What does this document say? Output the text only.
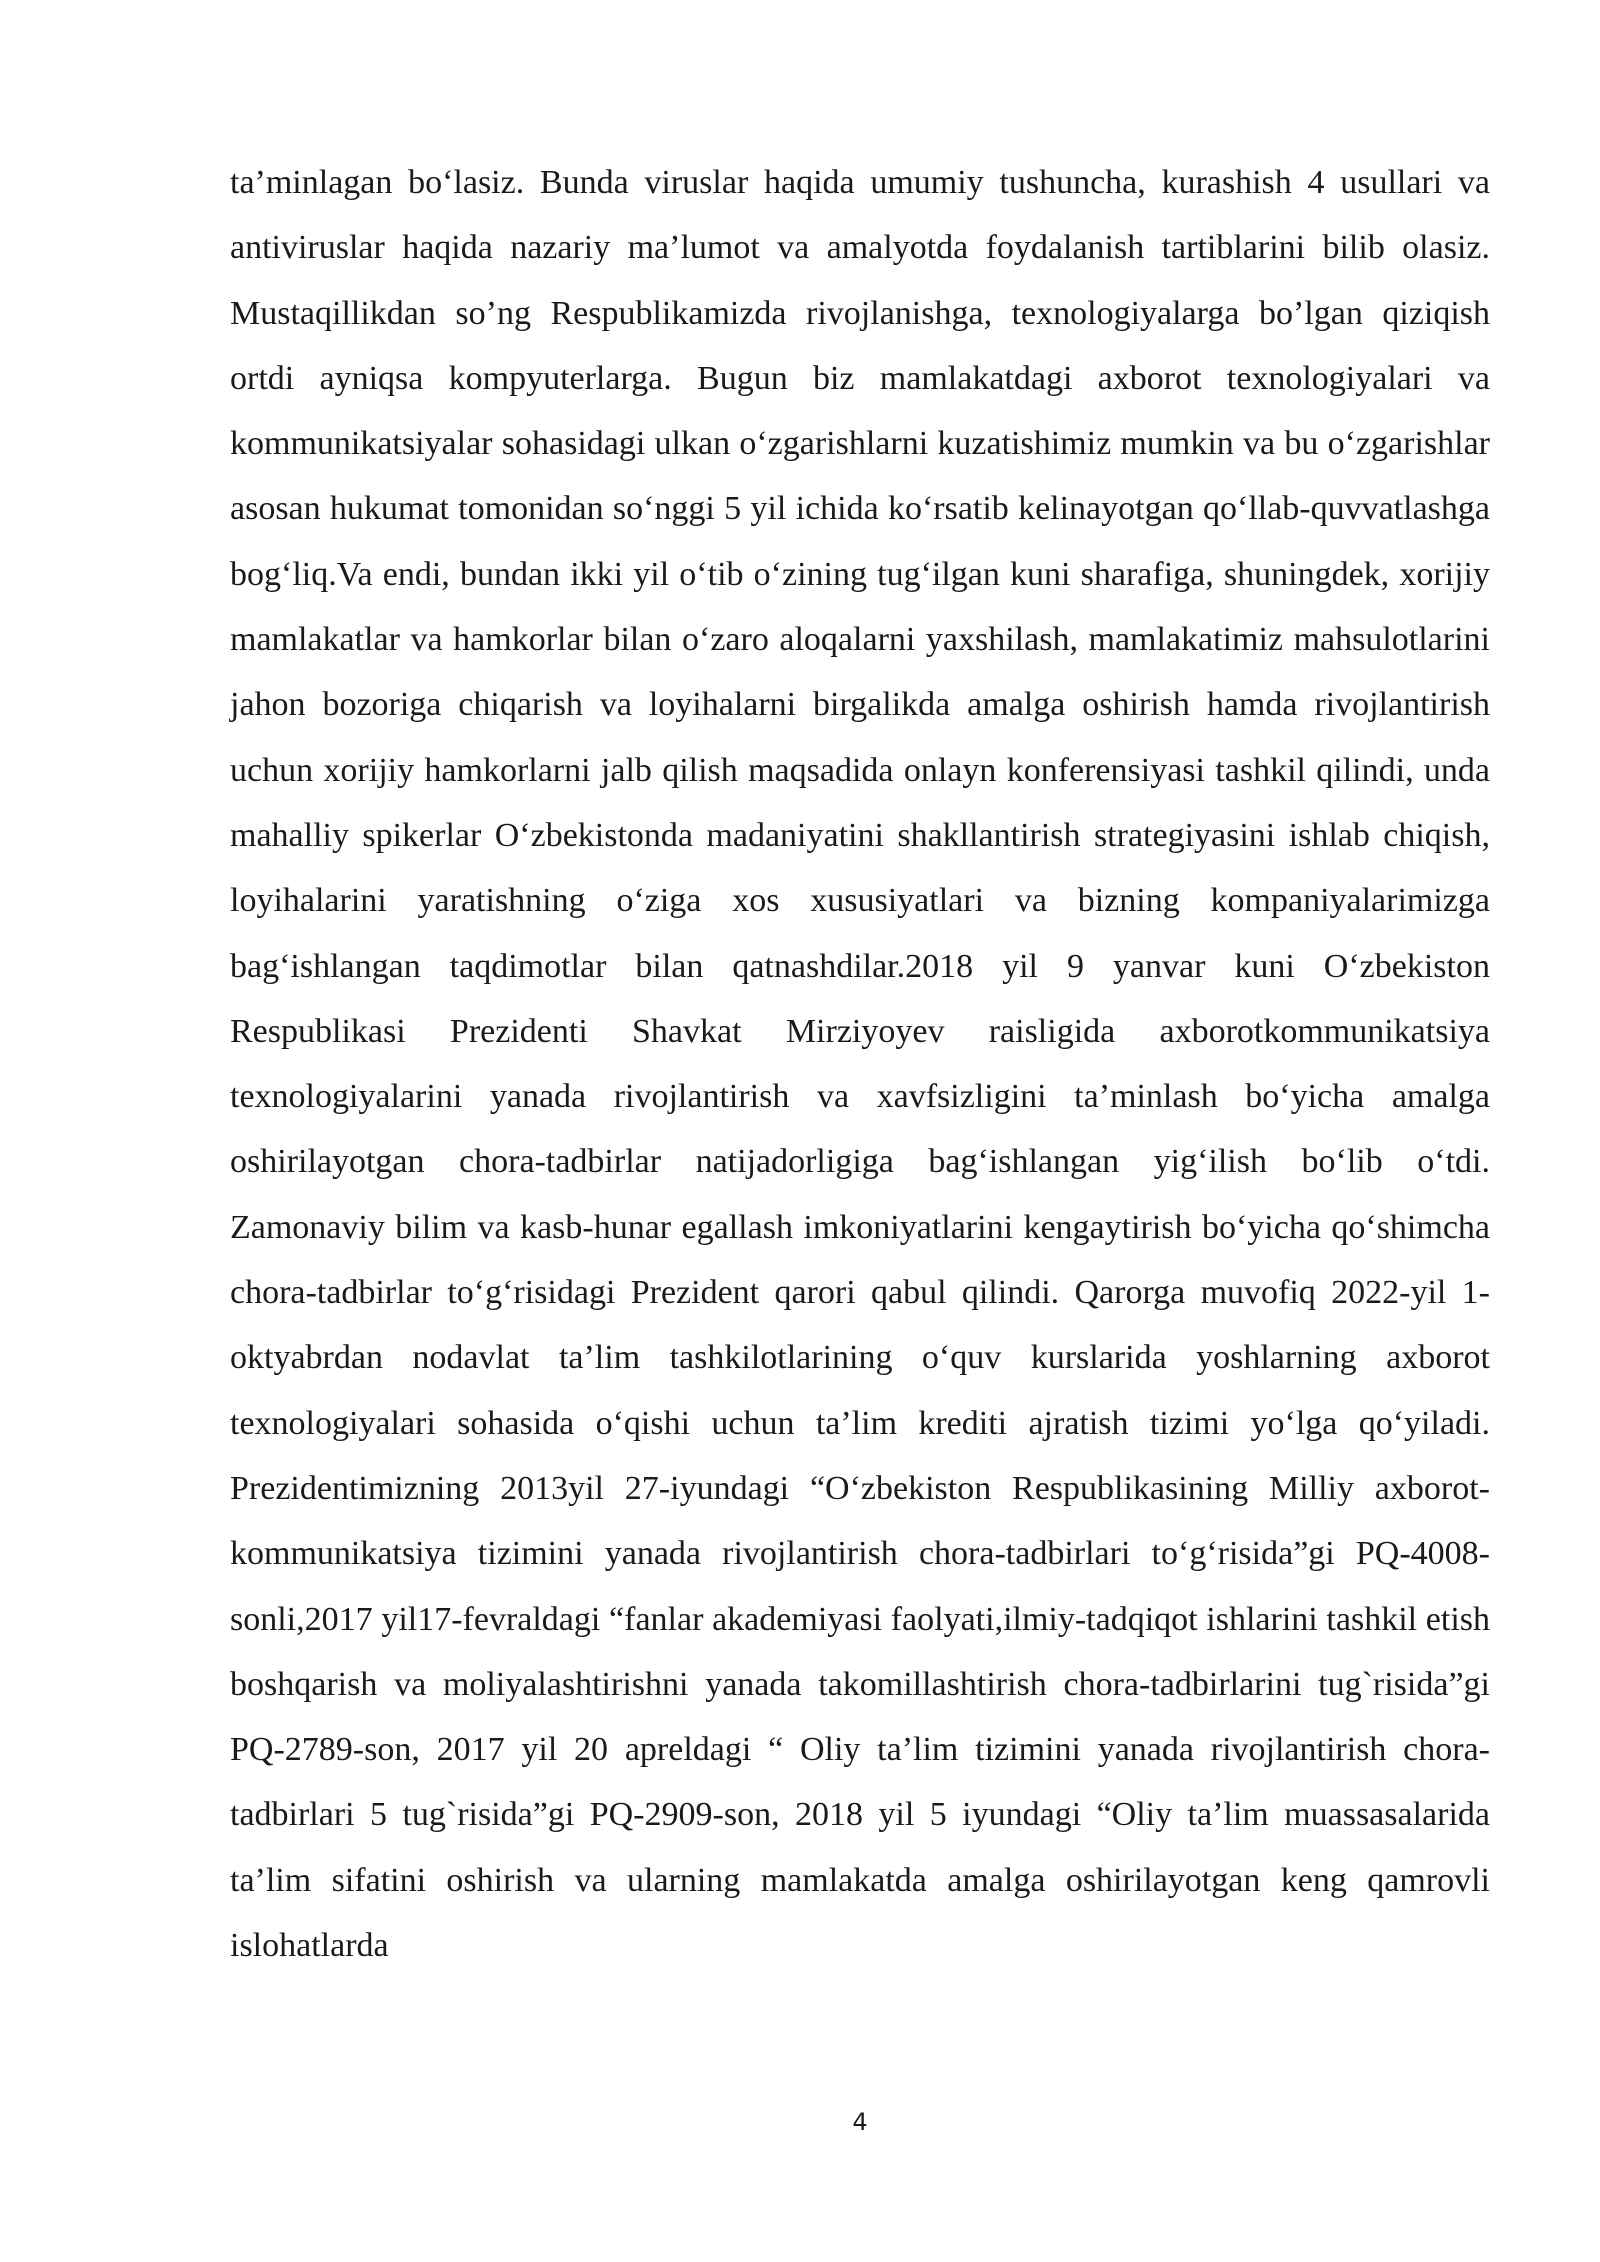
ta’minlagan bo‘lasiz. Bunda viruslar haqida umumiy tushuncha, kurashish 4 usullari va antiviruslar haqida nazariy ma’lumot va amalyotda foydalanish tartiblarini bilib olasiz. Mustaqillikdan so’ng Respublikamizda rivojlanishga, texnologiyalarga bo’lgan qiziqish ortdi ayniqsa kompyuterlarga. Bugun biz mamlakatdagi axborot texnologiyalari va kommunikatsiyalar sohasidagi ulkan o‘zgarishlarni kuzatishimiz mumkin va bu o‘zgarishlar asosan hukumat tomonidan so‘nggi 5 yil ichida ko‘rsatib kelinayotgan qo‘llab-quvvatlashga bog‘liq.Va endi, bundan ikki yil o‘tib o‘zining tug‘ilgan kuni sharafiga, shuningdek, xorijiy mamlakatlar va hamkorlar bilan o‘zaro aloqalarni yaxshilash, mamlakatimiz mahsulotlarini jahon bozoriga chiqarish va loyihalarni birgalikda amalga oshirish hamda rivojlantirish uchun xorijiy hamkorlarni jalb qilish maqsadida onlayn konferensiyasi tashkil qilindi, unda mahalliy spikerlar O‘zbekistonda madaniyatini shakllantirish strategiyasini ishlab chiqish, loyihalarini yaratishning o‘ziga xos xususiyatlari va bizning kompaniyalarimizga bag‘ishlangan taqdimotlar bilan qatnashdilar.2018 yil 9 yanvar kuni O‘zbekiston Respublikasi Prezidenti Shavkat Mirziyoyev raisligida axborotkommunikatsiya texnologiyalarini yanada rivojlantirish va xavfsizligini ta’minlash bo‘yicha amalga oshirilayotgan chora-tadbirlar natijadorligiga bag‘ishlangan yig‘ilish bo‘lib o‘tdi. Zamonaviy bilim va kasb-hunar egallash imkoniyatlarini kengaytirish bo‘yicha qo‘shimcha chora-tadbirlar to‘g‘risidagi Prezident qarori qabul qilindi. Qarorga muvofiq 2022-yil 1-oktyabrdan nodavlat ta’lim tashkilotlarining o‘quv kurslarida yoshlarning axborot texnologiyalari sohasida o‘qishi uchun ta’lim krediti ajratish tizimi yo‘lga qo‘yiladi. Prezidentimizning 2013yil 27-iyundagi “O‘zbekiston Respublikasining Milliy axborot-kommunikatsiya tizimini yanada rivojlantirish chora-tadbirlari to‘g‘risida”gi PQ-4008-sonli,2017 yil17-fevraldagi “fanlar akademiyasi faolyati,ilmiy-tadqiqot ishlarini tashkil etish boshqarish va moliyalashtirishni yanada takomillashtirish chora-tadbirlarini tug`risida”gi PQ-2789-son, 2017 yil 20 apreldagi “ Oliy ta’lim tizimini yanada rivojlantirish chora-tadbirlari 5 tug`risida”gi PQ-2909-son, 2018 yil 5 iyundagi “Oliy ta’lim muassasalarida ta’lim sifatini oshirish va ularning mamlakatda amalga oshirilayotgan keng qamrovli islohatlarda

4
